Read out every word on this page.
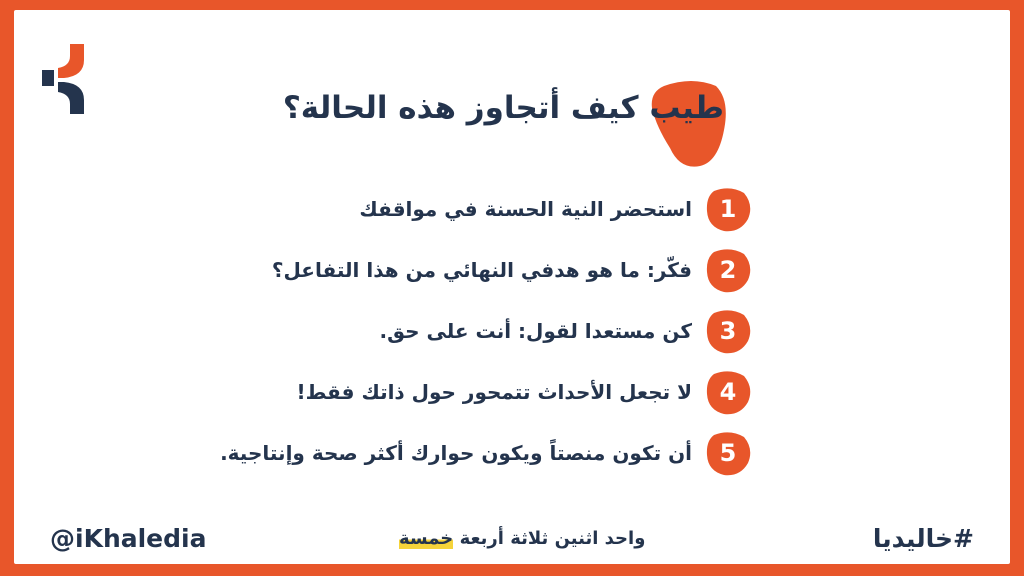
طيب كيف أتجاوز هذه الحالة؟
1
استحضر النية الحسنة في مواقفك
2
فكّر: ما هو هدفي النهائي من هذا التفاعل؟
3
كن مستعدا لقول: أنت على حق.
4
لا تجعل الأحداث تتمحور حول ذاتك فقط!
5
أن تكون منصتاً ويكون حوارك أكثر صحة وإنتاجية.
@iKhaledia	واحد اثنين ثلاثة أربعة خمسة	#خاليديا
